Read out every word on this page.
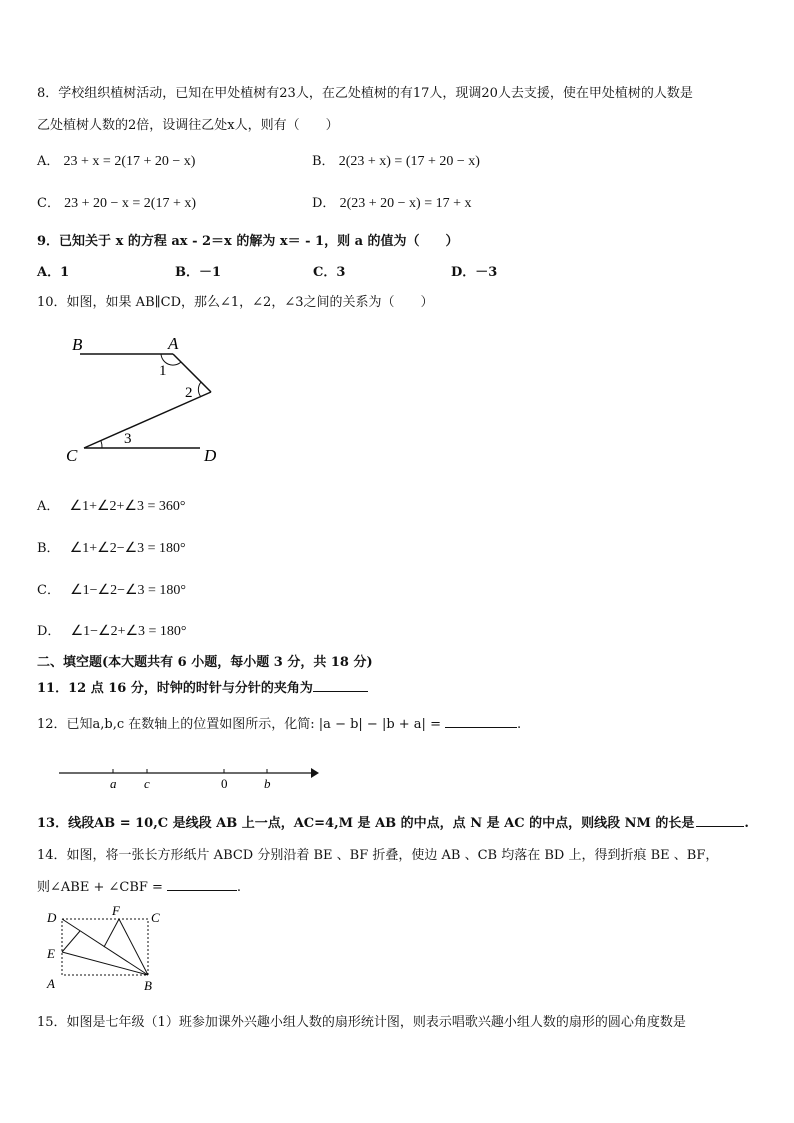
8．学校组织植树活动，已知在甲处植树有23人，在乙处植树的有17人，现调20人去支援，使在甲处植树的人数是
乙处植树人数的2倍，设调往乙处x人，则有（　　）
A． 23 + x = 2(17 + 20 − x)	B． 2(23 + x) = (17 + 20 − x)
C． 23 + 20 − x = 2(17 + x)	D． 2(23 + 20 − x) = 17 + x
9．已知关于 x 的方程 ax - 2＝x 的解为 x＝ - 1，则 a 的值为（　　）
A．1	B．－1	C．3	D．－3
10．如图，如果 AB∥CD，那么∠1，∠2，∠3之间的关系为（　　）
B	A
C	D
1
2
3
A． ∠1+∠2+∠3 = 360°
B． ∠1+∠2−∠3 = 180°
C． ∠1−∠2−∠3 = 180°
D． ∠1−∠2+∠3 = 180°
二、填空题(本大题共有 6 小题，每小题 3 分，共 18 分)
11．12 点 16 分，时钟的时针与分针的夹角为
12．已知a,b,c 在数轴上的位置如图所示，化简: |a − b| − |b + a| =	.
a c	0	b
13．线段AB = 10,C 是线段 AB 上一点，AC=4,M 是 AB 的中点，点 N 是 AC 的中点，则线段 NM 的长是	.
14．如图，将一张长方形纸片 ABCD 分别沿着 BE 、BF 折叠，使边 AB 、CB 均落在 BD 上，得到折痕 BE 、BF，
则∠ABE + ∠CBF =	.
D	F C
E
A	B
15．如图是七年级（1）班参加课外兴趣小组人数的扇形统计图，则表示唱歌兴趣小组人数的扇形的圆心角度数是
